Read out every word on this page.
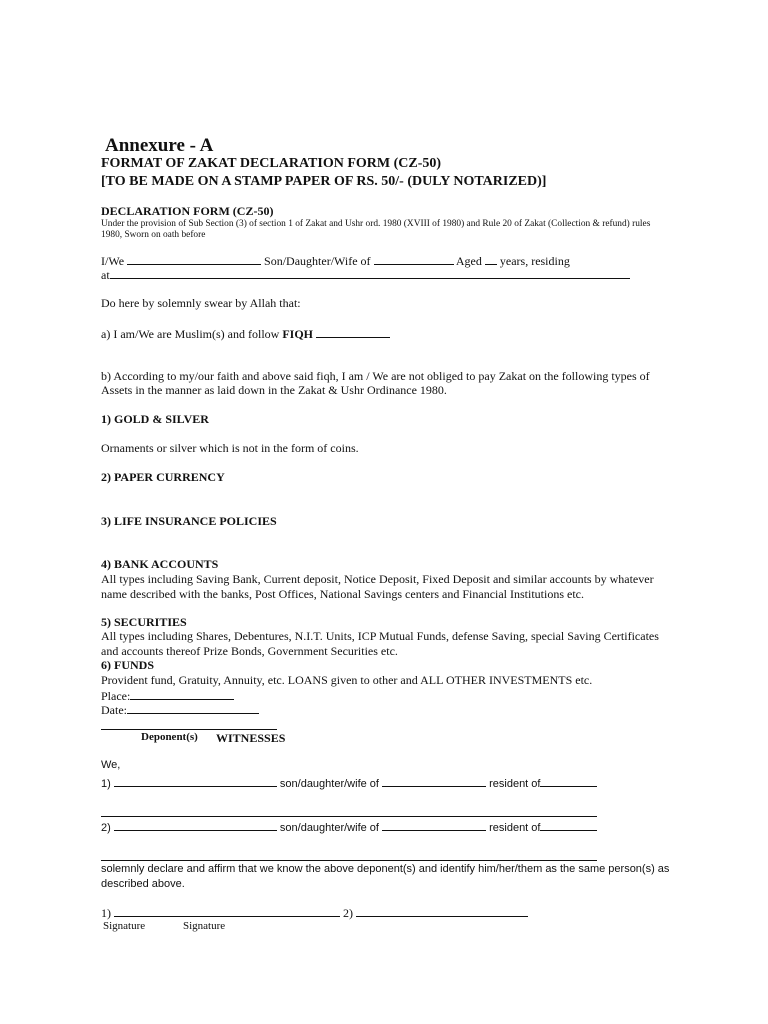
Annexure - A

FORMAT OF ZAKAT DECLARATION FORM (CZ-50)

[TO BE MADE ON A STAMP PAPER OF RS. 50/- (DULY NOTARIZED)]

DECLARATION FORM (CZ-50)

Under the provision of Sub Section (3) of section 1 of Zakat and Ushr ord. 1980 (XVIII of 1980) and Rule 20 of Zakat (Collection & refund) rules

1980, Sworn on oath before

I/We	Son/Daughter/Wife of	Aged years, residing

at

Do here by solemnly swear by Allah that:

a) I am/We are Muslim(s) and follow FIQH

b) According to my/our faith and above said fiqh, I am / We are not obliged to pay Zakat on the following types of

Assets in the manner as laid down in the Zakat & Ushr Ordinance 1980.

1) GOLD & SILVER

Ornaments or silver which is not in the form of coins.

2) PAPER CURRENCY

3) LIFE INSURANCE POLICIES

4) BANK ACCOUNTS

All types including Saving Bank, Current deposit, Notice Deposit, Fixed Deposit and similar accounts by whatever

name described with the banks, Post Offices, National Savings centers and Financial Institutions etc.

5) SECURITIES

All types including Shares, Debentures, N.I.T. Units, ICP Mutual Funds, defense Saving, special Saving Certificates

and accounts thereof Prize Bonds, Government Securities etc.

6) FUNDS

Provident fund, Gratuity, Annuity, etc. LOANS given to other and ALL OTHER INVESTMENTS etc.

Place:

Date:

Deponent(s) WITNESSES

We,

1)	son/daughter/wife of	resident of

2)	son/daughter/wife of	resident of

solemnly declare and affirm that we know the above deponent(s) and identify him/her/them as the same person(s) as

described above.

1)	2)

Signature	Signature
